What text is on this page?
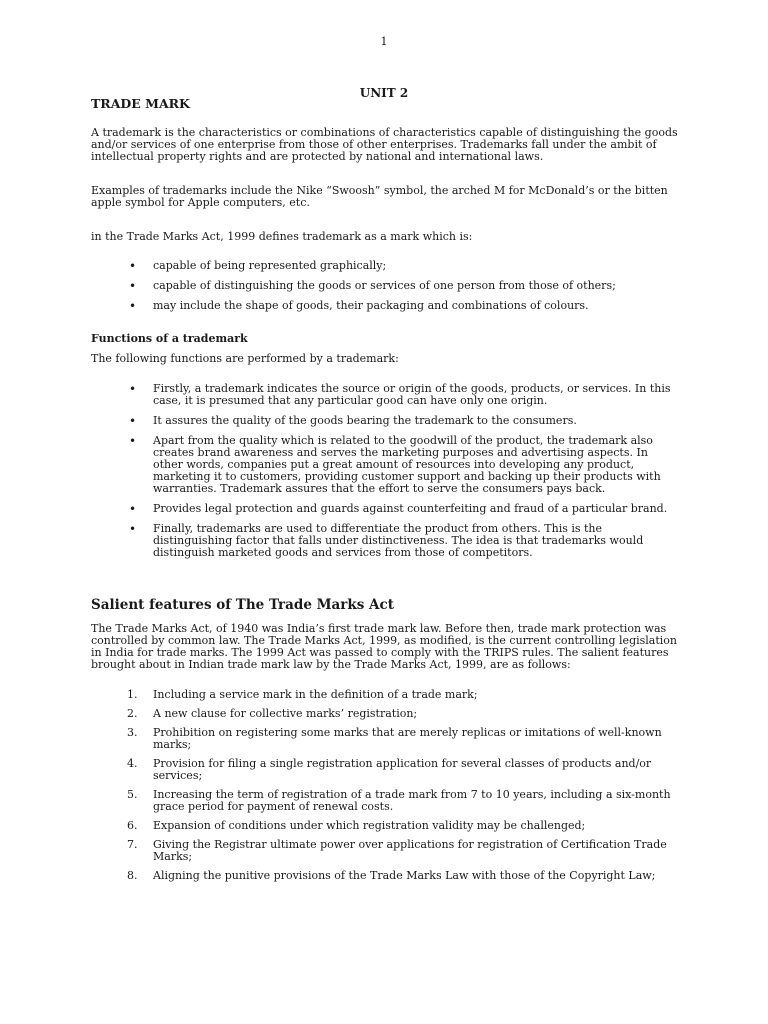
1
UNIT 2
TRADE MARK

A trademark is the characteristics or combinations of characteristics capable of distinguishing the goods and/or services of one enterprise from those of other enterprises. Trademarks fall under the ambit of intellectual property rights and are protected by national and international laws.

Examples of trademarks include the Nike “Swoosh” symbol, the arched M for McDonald’s or the bitten apple symbol for Apple computers, etc.

in the Trade Marks Act, 1999 defines trademark as a mark which is:

• capable of being represented graphically;
• capable of distinguishing the goods or services of one person from those of others;
• may include the shape of goods, their packaging and combinations of colours.
Functions of a trademark

The following functions are performed by a trademark:

• Firstly, a trademark indicates the source or origin of the goods, products, or services. In this case, it is presumed that any particular good can have only one origin.
• It assures the quality of the goods bearing the trademark to the consumers.
• Apart from the quality which is related to the goodwill of the product, the trademark also creates brand awareness and serves the marketing purposes and advertising aspects. In other words, companies put a great amount of resources into developing any product, marketing it to customers, providing customer support and backing up their products with warranties. Trademark assures that the effort to serve the consumers pays back.
• Provides legal protection and guards against counterfeiting and fraud of a particular brand.
• Finally, trademarks are used to differentiate the product from others. This is the distinguishing factor that falls under distinctiveness. The idea is that trademarks would distinguish marketed goods and services from those of competitors.
Salient features of The Trade Marks Act

The Trade Marks Act, of 1940 was India’s first trade mark law. Before then, trade mark protection was controlled by common law. The Trade Marks Act, 1999, as modified, is the current controlling legislation in India for trade marks. The 1999 Act was passed to comply with the TRIPS rules. The salient features brought about in Indian trade mark law by the Trade Marks Act, 1999, are as follows:

1. Including a service mark in the definition of a trade mark;
2. A new clause for collective marks’ registration;
3. Prohibition on registering some marks that are merely replicas or imitations of well-known marks;
4. Provision for filing a single registration application for several classes of products and/or services;
5. Increasing the term of registration of a trade mark from 7 to 10 years, including a six-month grace period for payment of renewal costs.
6. Expansion of conditions under which registration validity may be challenged;
7. Giving the Registrar ultimate power over applications for registration of Certification Trade Marks;
8. Aligning the punitive provisions of the Trade Marks Law with those of the Copyright Law;
